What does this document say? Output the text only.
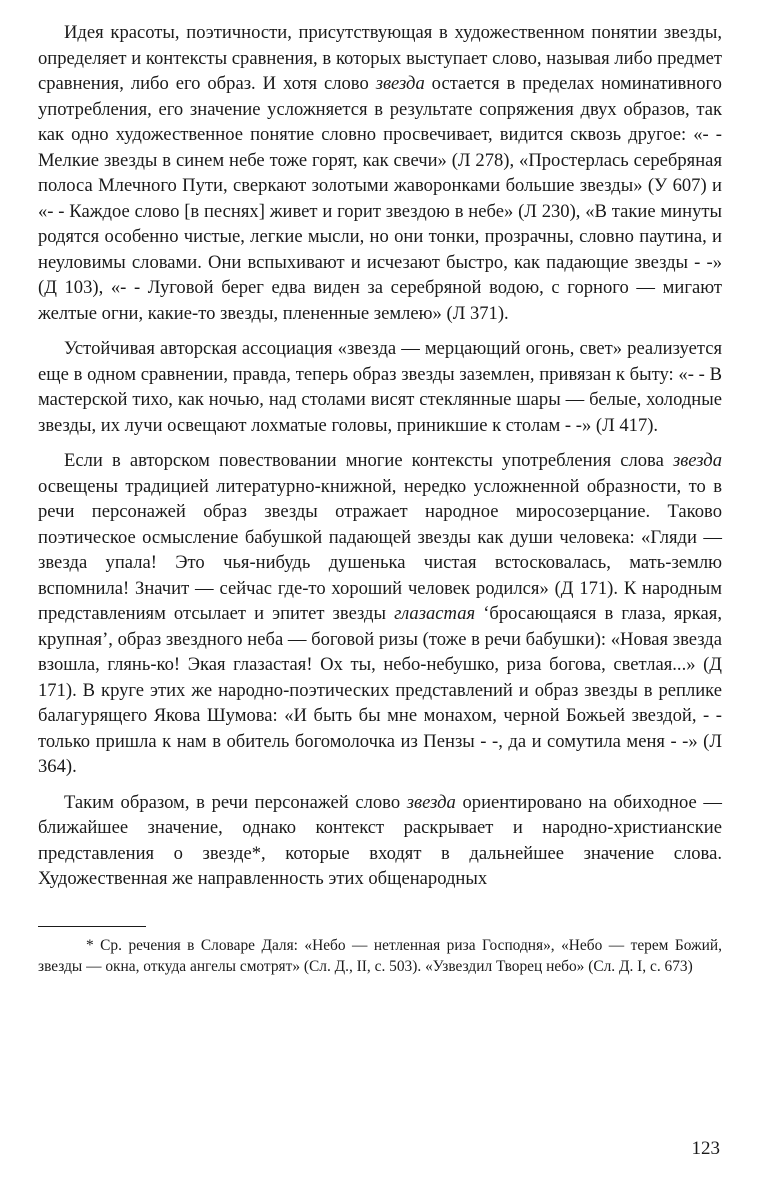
Идея красоты, поэтичности, присутствующая в художественном понятии звезды, определяет и контексты сравнения, в которых выступает слово, называя либо предмет сравнения, либо его образ. И хотя слово звезда остается в пределах номинативного употребления, его значение усложняется в результате сопряжения двух образов, так как одно художественное понятие словно просвечивает, видится сквозь другое: «- - Мелкие звезды в синем небе тоже горят, как свечи» (Л 278), «Простерлась серебряная полоса Млечного Пути, сверкают золотыми жаворонками большие звезды» (У 607) и «- - Каждое слово [в песнях] живет и горит звездою в небе» (Л 230), «В такие минуты родятся особенно чистые, легкие мысли, но они тонки, прозрачны, словно паутина, и неуловимы словами. Они вспыхивают и исчезают быстро, как падающие звезды - -» (Д 103), «- - Луговой берег едва виден за серебряной водою, с горного — мигают желтые огни, какие-то звезды, плененные землею» (Л 371).

Устойчивая авторская ассоциация «звезда — мерцающий огонь, свет» реализуется еще в одном сравнении, правда, теперь образ звезды заземлен, привязан к быту: «- - В мастерской тихо, как ночью, над столами висят стеклянные шары — белые, холодные звезды, их лучи освещают лохматые головы, приникшие к столам - -» (Л 417).

Если в авторском повествовании многие контексты употребления слова звезда освещены традицией литературно-книжной, нередко усложненной образности, то в речи персонажей образ звезды отражает народное миросозерцание. Таково поэтическое осмысление бабушкой падающей звезды как души человека: «Гляди — звезда упала! Это чья-нибудь душенька чистая встосковалась, мать-землю вспомнила! Значит — сейчас где-то хороший человек родился» (Д 171). К народным представлениям отсылает и эпитет звезды глазастая ‘бросающаяся в глаза, яркая, крупная’, образ звездного неба — боговой ризы (тоже в речи бабушки): «Новая звезда взошла, глянь-ко! Экая глазастая! Ох ты, небо-небушко, риза богова, светлая...» (Д 171). В круге этих же народно-поэтических представлений и образ звезды в реплике балагурящего Якова Шумова: «И быть бы мне монахом, черной Божьей звездой, - - только пришла к нам в обитель богомолочка из Пензы - -, да и сомутила меня - -» (Л 364).

Таким образом, в речи персонажей слово звезда ориентировано на обиходное — ближайшее значение, однако контекст раскрывает и народно-христианские представления о звезде*, которые входят в дальнейшее значение слова. Художественная же направленность этих общенародных

* Ср. речения в Словаре Даля: «Небо — нетленная риза Господня», «Небо — терем Божий, звезды — окна, откуда ангелы смотрят» (Сл. Д., II, с. 503). «Узвездил Творец небо» (Сл. Д. I, с. 673)

123
